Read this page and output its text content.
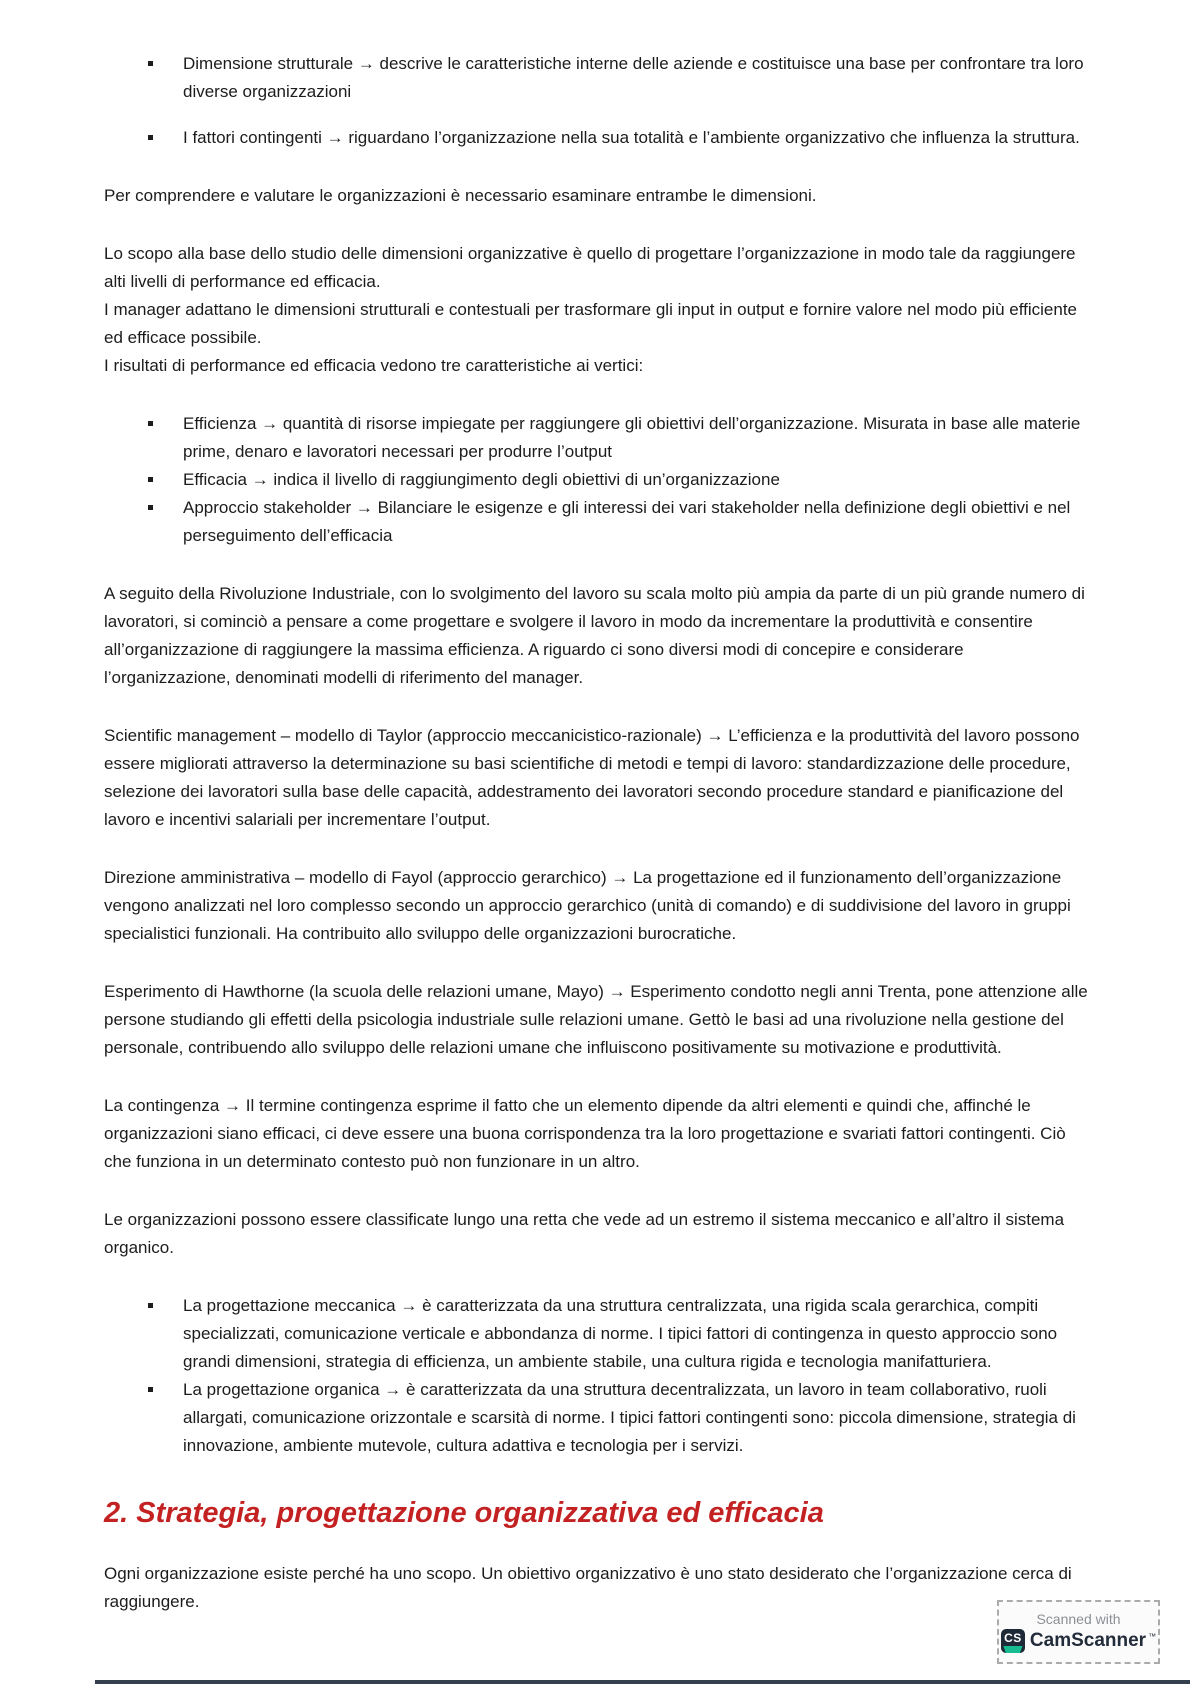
Dimensione strutturale → descrive le caratteristiche interne delle aziende e costituisce una base per confrontare tra loro diverse organizzazioni
I fattori contingenti → riguardano l’organizzazione nella sua totalità e l’ambiente organizzativo che influenza la struttura.

Per comprendere e valutare le organizzazioni è necessario esaminare entrambe le dimensioni.

Lo scopo alla base dello studio delle dimensioni organizzative è quello di progettare l’organizzazione in modo tale da raggiungere alti livelli di performance ed efficacia.
I manager adattano le dimensioni strutturali e contestuali per trasformare gli input in output e fornire valore nel modo più efficiente ed efficace possibile.
I risultati di performance ed efficacia vedono tre caratteristiche ai vertici:

Efficienza → quantità di risorse impiegate per raggiungere gli obiettivi dell’organizzazione. Misurata in base alle materie prime, denaro e lavoratori necessari per produrre l’output
Efficacia → indica il livello di raggiungimento degli obiettivi di un’organizzazione
Approccio stakeholder → Bilanciare le esigenze e gli interessi dei vari stakeholder nella definizione degli obiettivi e nel perseguimento dell’efficacia

A seguito della Rivoluzione Industriale, con lo svolgimento del lavoro su scala molto più ampia da parte di un più grande numero di lavoratori, si cominciò a pensare a come progettare e svolgere il lavoro in modo da incrementare la produttività e consentire all’organizzazione di raggiungere la massima efficienza. A riguardo ci sono diversi modi di concepire e considerare l’organizzazione, denominati modelli di riferimento del manager.

Scientific management – modello di Taylor (approccio meccanicistico-razionale) → L’efficienza e la produttività del lavoro possono essere migliorati attraverso la determinazione su basi scientifiche di metodi e tempi di lavoro: standardizzazione delle procedure, selezione dei lavoratori sulla base delle capacità, addestramento dei lavoratori secondo procedure standard e pianificazione del lavoro e incentivi salariali per incrementare l’output.

Direzione amministrativa – modello di Fayol (approccio gerarchico) → La progettazione ed il funzionamento dell’organizzazione vengono analizzati nel loro complesso secondo un approccio gerarchico (unità di comando) e di suddivisione del lavoro in gruppi specialistici funzionali. Ha contribuito allo sviluppo delle organizzazioni burocratiche.

Esperimento di Hawthorne (la scuola delle relazioni umane, Mayo) → Esperimento condotto negli anni Trenta, pone attenzione alle persone studiando gli effetti della psicologia industriale sulle relazioni umane. Gettò le basi ad una rivoluzione nella gestione del personale, contribuendo allo sviluppo delle relazioni umane che influiscono positivamente su motivazione e produttività.

La contingenza → Il termine contingenza esprime il fatto che un elemento dipende da altri elementi e quindi che, affinché le organizzazioni siano efficaci, ci deve essere una buona corrispondenza tra la loro progettazione e svariati fattori contingenti. Ciò che funziona in un determinato contesto può non funzionare in un altro.

Le organizzazioni possono essere classificate lungo una retta che vede ad un estremo il sistema meccanico e all’altro il sistema organico.

La progettazione meccanica → è caratterizzata da una struttura centralizzata, una rigida scala gerarchica, compiti specializzati, comunicazione verticale e abbondanza di norme. I tipici fattori di contingenza in questo approccio sono grandi dimensioni, strategia di efficienza, un ambiente stabile, una cultura rigida e tecnologia manifatturiera.
La progettazione organica → è caratterizzata da una struttura decentralizzata, un lavoro in team collaborativo, ruoli allargati, comunicazione orizzontale e scarsità di norme. I tipici fattori contingenti sono: piccola dimensione, strategia di innovazione, ambiente mutevole, cultura adattiva e tecnologia per i servizi.
2. Strategia, progettazione organizzativa ed efficacia

Ogni organizzazione esiste perché ha uno scopo. Un obiettivo organizzativo è uno stato desiderato che l’organizzazione cerca di raggiungere.

Scanned with
CS CamScanner ™
